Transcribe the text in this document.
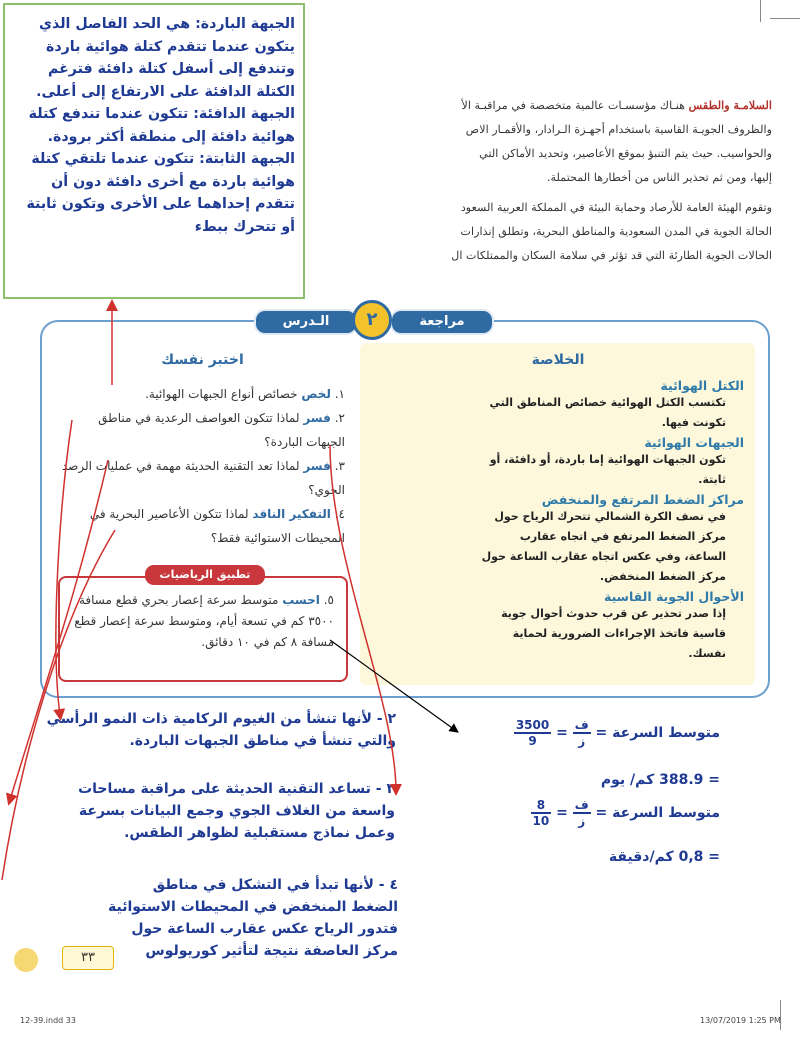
السلامـة والطقس هنـاك مؤسسـات عالمية متخصصة في مراقبـة الأ
والظروف الجويـة القاسية باستخدام أجهـزة الـرادار، والأقمـار الاص
والحواسيب. حيث يتم التنبؤ بموقع الأعاصير، وتحديد الأماكن التي
إليها، ومن ثم تحذير الناس من أخطارها المحتملة.
وتقوم الهيئة العامة للأرصاد وحماية البيئة في المملكة العربية السعود
الحالة الجوية في المدن السعودية والمناطق البحرية، وتطلق إنذارات
الحالات الجوية الطارئة التي قد تؤثر في سلامة السكان والممتلكات ال

الجبهة الباردة: هي الحد الفاصل الذي

يتكون عندما تتقدم كتلة هوائية باردة

وتندفع إلى أسفل كتلة دافئة فترغم

الكتلة الدافئة على الارتفاع إلى أعلى.

الجبهة الدافئة: تتكون عندما تندفع كتلة

هوائية دافئة إلى منطقة أكثر برودة.

الجبهة الثابتة: تتكون عندما تلتقي كتلة

هوائية باردة مع أخرى دافئة دون أن

تتقدم إحداهما على الأخرى وتكون ثابتة

أو تتحرك ببطء

مراجعة
الـدرس	٢
الخلاصة
الكتل الهوائية
تكتسب الكتل الهوائية خصائص المناطق التي تكونت فيها.
الجبهات الهوائية
تكون الجبهات الهوائية إما باردة، أو دافئة، أو ثابتة.
مراكز الضغط المرتفع والمنخفض
في نصف الكرة الشمالي تتحرك الرياح حول مركز الضغط المرتفع في اتجاه عقارب الساعة، وفي عكس اتجاه عقارب الساعة حول مركز الضغط المنخفض.
الأحوال الجوية القاسية
إذا صدر تحذير عن قرب حدوث أحوال جوية قاسية فاتخذ الإجراءات الضرورية لحماية نفسك.
اختبر نفسك
١. لخص خصائص أنواع الجبهات الهوائية.
٢. فسر لماذا تتكون العواصف الرعدية في مناطق الجبهات الباردة؟
٣. فسر لماذا تعد التقنية الحديثة مهمة في عمليات الرصد الجوي؟
٤. التفكير الناقد لماذا تتكون الأعاصير البحرية في المحيطات الاستوائية فقط؟
تطبيق الرياضيات
٥. احسب متوسط سرعة إعصار بحري قطع مسافة ٣٥٠٠ كم في تسعة أيام، ومتوسط سرعة إعصار قطع مسافة ٨ كم في ١٠ دقائق.
٢ - لأنها تنشأ من الغيوم الركامية ذات النمو الرأسي والتي تنشأ في مناطق الجبهات الباردة.
٣ - تساعد التقنية الحديثة على مراقبة مساحات واسعة من الغلاف الجوي وجمع البيانات بسرعة وعمل نماذج مستقبلية لظواهر الطقس.
٤ - لأنها تبدأ في التشكل في مناطق الضغط المنخفض في المحيطات الاستوائية فتدور الرياح عكس عقارب الساعة حول مركز العاصفة نتيجة لتأثير كوريولوس
متوسط السرعة =
$\frac{\text{ف}}{\text{ز}}$
=
$\frac{3500}{9}$
= 388.9 كم/ يوم
متوسط السرعة =
$\frac{\text{ف}}{\text{ز}}$
=
$\frac{8}{10}$
= 0,8 كم/دقيقة
٣٣
12-39.indd 33	13/07/2019 1:25 PM
